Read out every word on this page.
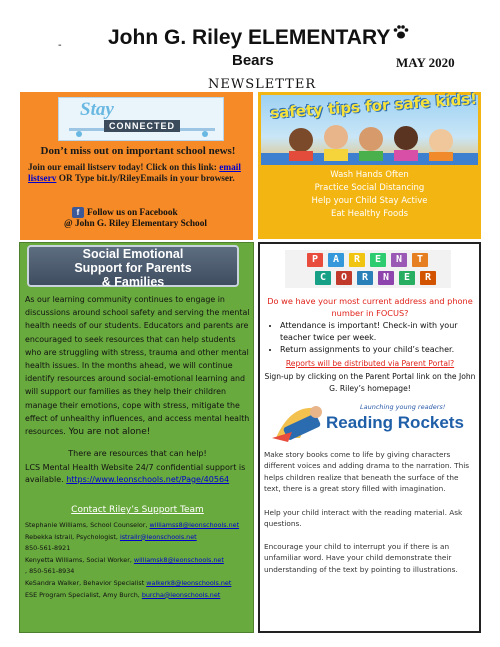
- John G. Riley ELEMENTARY
Bears	MAY 2020
NEWSLETTER
Stay
CONNECTED
Don’t miss out on important school news!
Join our email listserv today! Click on this link: email listserv OR Type bit.ly/RileyEmails in your browser.
f Follow us on Facebook
@ John G. Riley Elementary School
safety tips for safe kids!
Wash Hands Often
Practice Social Distancing
Help your Child Stay Active
Eat Healthy Foods
Social Emotional
Support for Parents
& Families
As our learning community continues to engage in discussions around school safety and serving the mental health needs of our students. Educators and parents are encouraged to seek resources that can help students who are struggling with stress, trauma and other mental health issues. In the months ahead, we will continue identify resources around social-emotional learning and will support our families as they help their children manage their emotions, cope with stress, mitigate the effect of unhealthy influences, and access mental health resources. You are not alone!
There are resources that can help!
LCS Mental Health Website 24/7 confidential support is available. https://www.leonschools.net/Page/40564
Contact Riley’s Support Team
Stephanie Williams, School Counselor, williamss8@leonschools.net
Rebekka Istrail, Psychologist, istrailr@leonschools.net
850-561-8921
Kenyetta Williams, Social Worker, williamsk8@leonschools.net
, 850-561-8934
KeSandra Walker, Behavior Specialist walkerk8@leonschools.net
ESE Program Specialist, Amy Burch, burcha@leonschools.net
P	A	R	E	N	T
C	O	R	N	E	R
Do we have your most current address and phone number in FOCUS?
• Attendance is important! Check-in with your teacher twice per week.
• Return assignments to your child’s teacher.
Reports will be distributed via Parent Portal?
Sign-up by clicking on the Parent Portal link on the John G. Riley’s homepage!
Launching young readers!
Reading Rockets
Make story books come to life by giving characters different voices and adding drama to the narration. This helps children realize that beneath the surface of the text, there is a great story filled with imagination.
Help your child interact with the reading material. Ask questions.
Encourage your child to interrupt you if there is an unfamiliar word. Have your child demonstrate their understanding of the text by pointing to illustrations.
